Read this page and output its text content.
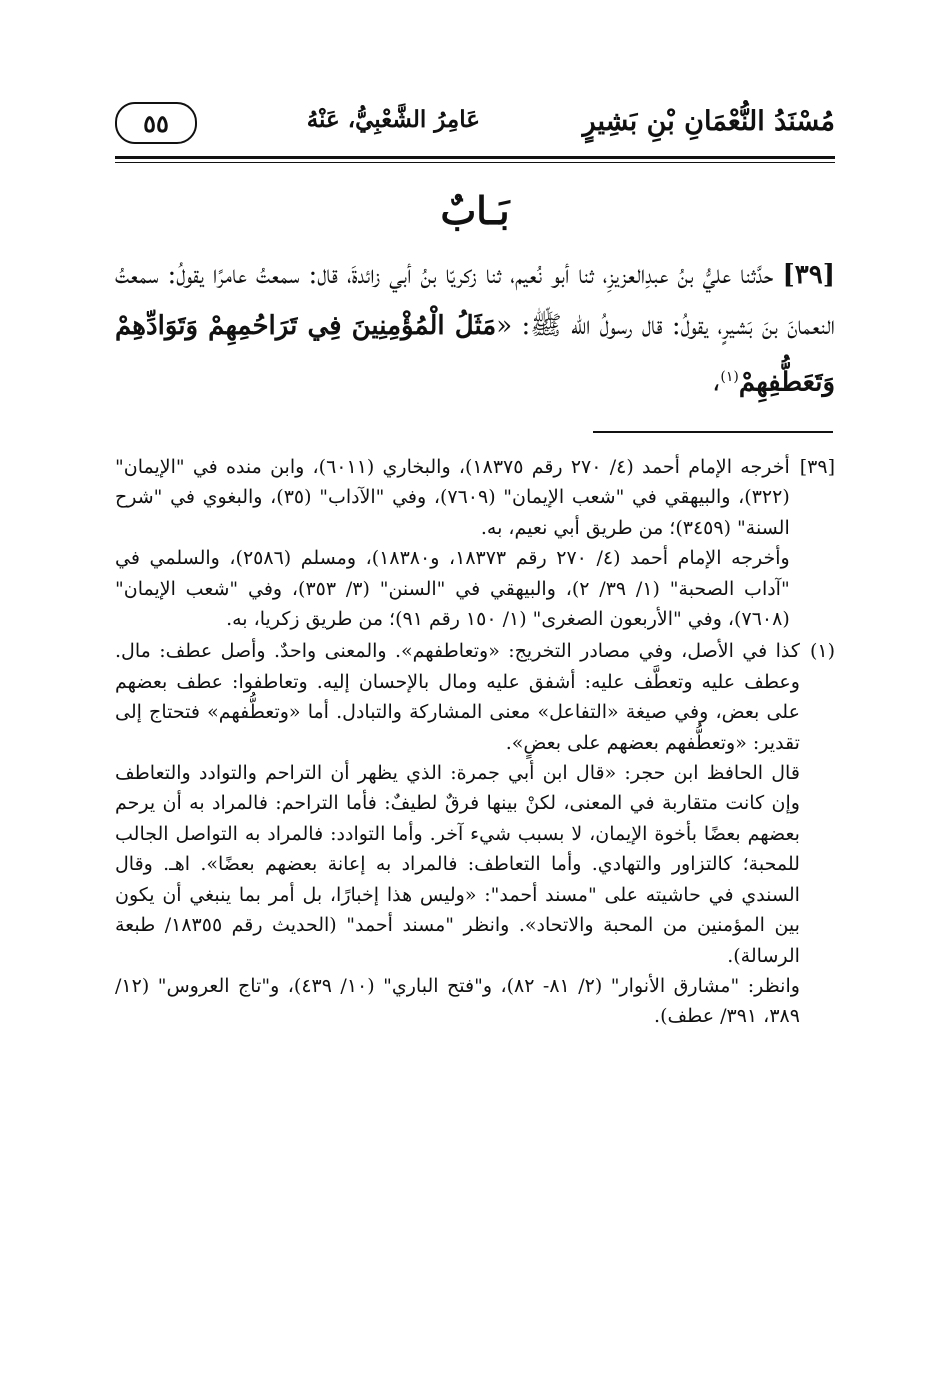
مُسْنَدُ النُّعْمَانِ بْنِ بَشِيرٍ
عَامِرُ الشَّعْبِيُّ، عَنْهُ
٥٥
بَـابٌ
[٣٩] حدَّثنا عليُّ بنُ عبدِالعزيزِ، ثنا أبو نُعيم، ثنا زكريّا بنُ أبي زائدةَ، قال: سمعتُ عامرًا يقولُ: سمعتُ النعمانَ بنَ بَشيرٍ، يقولُ: قال رسولُ الله ﷺ: «مَثَلُ الْمُؤْمِنِينَ فِي تَرَاحُمِهِمْ وَتَوَادِّهِمْ وَتَعَطُّفِهِمْ$^{(١)}$،
[٣٩]

أخرجه الإمام أحمد (٤/ ٢٧٠ رقم ١٨٣٧٥)، والبخاري (٦٠١١)، وابن منده في "الإيمان" (٣٢٢)، والبيهقي في "شعب الإيمان" (٧٦٠٩)، وفي "الآداب" (٣٥)، والبغوي في "شرح السنة" (٣٤٥٩)؛ من طريق أبي نعيم، به.

وأخرجه الإمام أحمد (٤/ ٢٧٠ رقم ١٨٣٧٣، و١٨٣٨٠)، ومسلم (٢٥٨٦)، والسلمي في "آداب الصحبة" (١/ ٣٩/ ٢)، والبيهقي في "السنن" (٣/ ٣٥٣)، وفي "شعب الإيمان" (٧٦٠٨)، وفي "الأربعون الصغرى" (١/ ١٥٠ رقم ٩١)؛ من طريق زكريا، به.

(١)

كذا في الأصل، وفي مصادر التخريج: «وتعاطفهم». والمعنى واحدٌ. وأصل عطف: مال. وعطف عليه وتعطَّف عليه: أشفق عليه ومال بالإحسان إليه. وتعاطفوا: عطف بعضهم على بعض، وفي صيغة «التفاعل» معنى المشاركة والتبادل. أما «وتعطُّفهم» فتحتاج إلى تقدير: «وتعطُّفهم بعضهم على بعضٍ».

قال الحافظ ابن حجر: «قال ابن أبي جمرة: الذي يظهر أن التراحم والتوادد والتعاطف وإن كانت متقاربة في المعنى، لكنْ بينها فرقٌ لطيفٌ: فأما التراحم: فالمراد به أن يرحم بعضهم بعضًا بأخوة الإيمان، لا بسبب شيء آخر. وأما التوادد: فالمراد به التواصل الجالب للمحبة؛ كالتزاور والتهادي. وأما التعاطف: فالمراد به إعانة بعضهم بعضًا». اهـ. وقال السندي في حاشيته على "مسند أحمد": «وليس هذا إخبارًا، بل أمر بما ينبغي أن يكون بين المؤمنين من المحبة والاتحاد». وانظر "مسند أحمد" (الحديث رقم ١٨٣٥٥/ طبعة الرسالة).

وانظر: "مشارق الأنوار" (٢/ ٨١- ٨٢)، و"فتح الباري" (١٠/ ٤٣٩)، و"تاج العروس" (١٢/ ٣٨٩، ٣٩١/ عطف).
